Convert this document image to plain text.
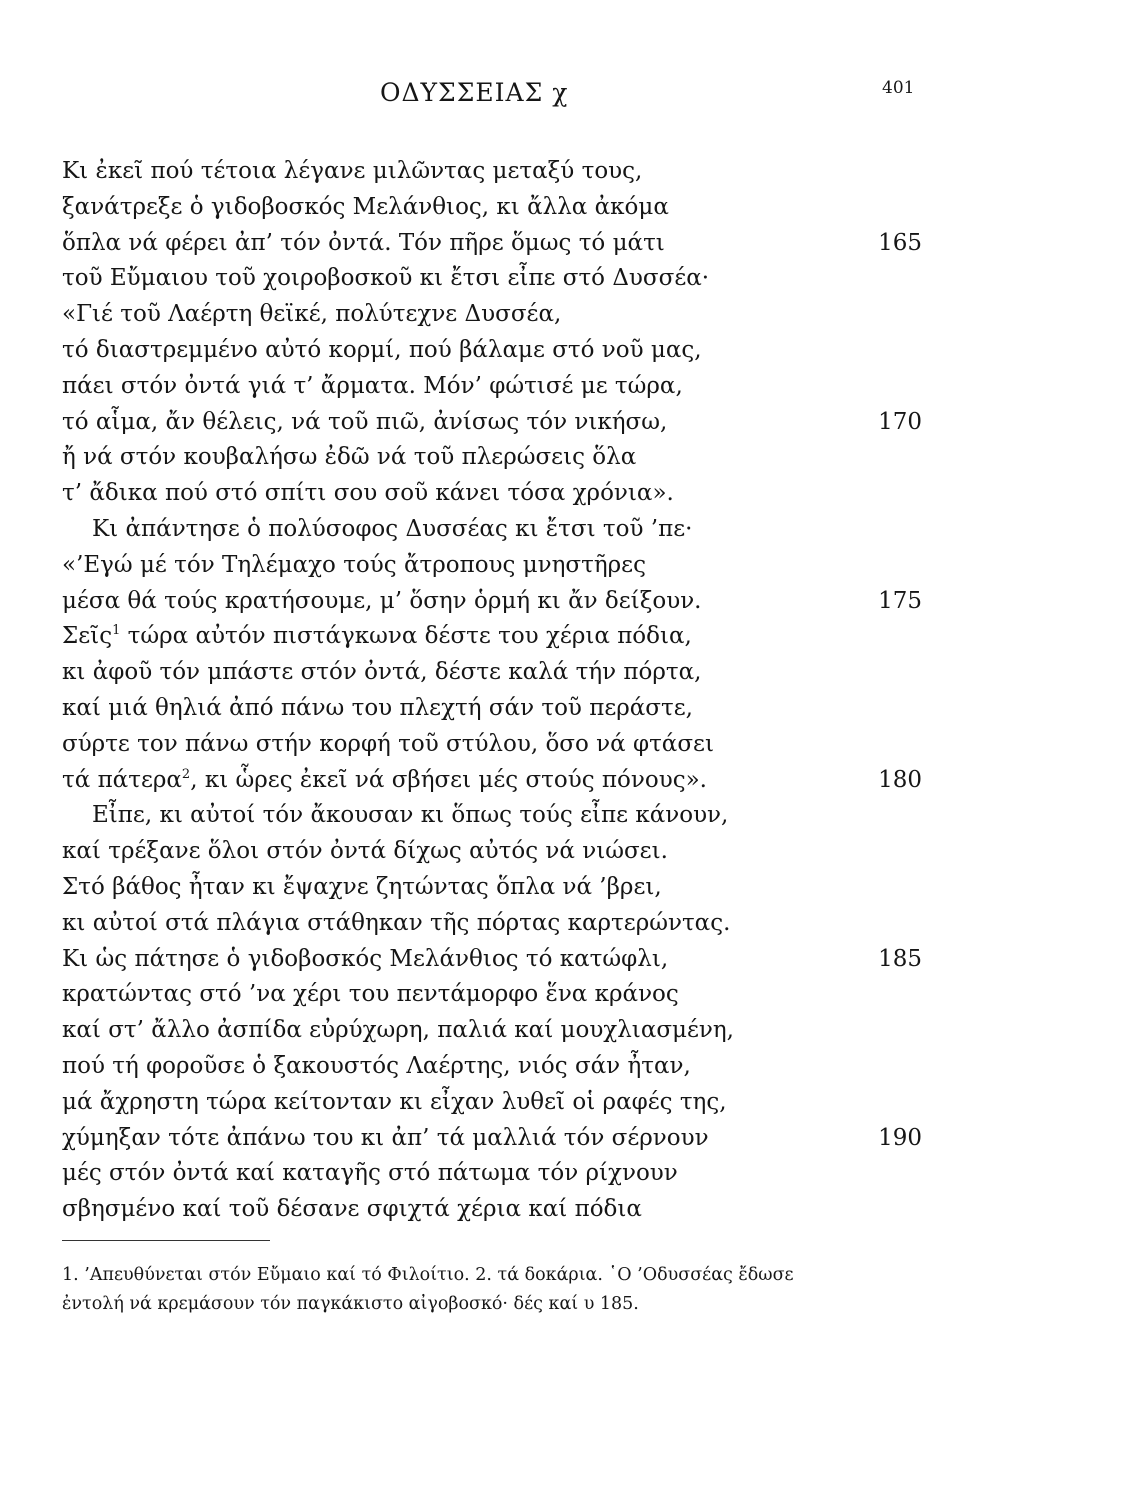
ΟΔΥΣΣΕΙΑΣ χ	401
Κι ἐκεῖ πού τέτοια λέγανε μιλῶντας μεταξύ τους,
ξανάτρεξε ὁ γιδοβοσκός Μελάνθιος, κι ἄλλα ἀκόμα
ὅπλα νά φέρει ἀπ’ τόν ὀντά. Τόν πῆρε ὅμως τό μάτι	165
τοῦ Εὔμαιου τοῦ χοιροβοσκοῦ κι ἔτσι εἶπε στό Δυσσέα·
«Γιέ τοῦ Λαέρτη θεϊκέ, πολύτεχνε Δυσσέα,
τό διαστρεμμένο αὐτό κορμί, πού βάλαμε στό νοῦ μας,
πάει στόν ὀντά γιά τ’ ἄρματα. Μόν’ φώτισέ με τώρα,
τό αἷμα, ἄν θέλεις, νά τοῦ πιῶ, ἀνίσως τόν νικήσω,	170
ἤ νά στόν κουβαλήσω ἐδῶ νά τοῦ πλερώσεις ὅλα
τ’ ἄδικα πού στό σπίτι σου σοῦ κάνει τόσα χρόνια».
Κι ἀπάντησε ὁ πολύσοφος Δυσσέας κι ἔτσι τοῦ ’πε·
«’Εγώ μέ τόν Τηλέμαχο τούς ἄτροπους μνηστῆρες
μέσα θά τούς κρατήσουμε, μ’ ὅσην ὁρμή κι ἄν δείξουν.	175
Σεῖς$^1$ τώρα αὐτόν πιστάγκωνα δέστε του χέρια πόδια,
κι ἀφοῦ τόν μπάστε στόν ὀντά, δέστε καλά τήν πόρτα,
καί μιά θηλιά ἀπό πάνω του πλεχτή σάν τοῦ περάστε,
σύρτε τον πάνω στήν κορφή τοῦ στύλου, ὅσο νά φτάσει
τά πάτερα$^2$, κι ὧρες ἐκεῖ νά σβήσει μές στούς πόνους».	180
Εἶπε, κι αὐτοί τόν ἄκουσαν κι ὅπως τούς εἶπε κάνουν,
καί τρέξανε ὅλοι στόν ὀντά δίχως αὐτός νά νιώσει.
Στό βάθος ἦταν κι ἔψαχνε ζητώντας ὅπλα νά ’βρει,
κι αὐτοί στά πλάγια στάθηκαν τῆς πόρτας καρτερώντας.
Κι ὡς πάτησε ὁ γιδοβοσκός Μελάνθιος τό κατώφλι,	185
κρατώντας στό ’να χέρι του πεντάμορφο ἕνα κράνος
καί στ’ ἄλλο ἀσπίδα εὐρύχωρη, παλιά καί μουχλιασμένη,
πού τή φοροῦσε ὁ ξακουστός Λαέρτης, νιός σάν ἦταν,
μά ἄχρηστη τώρα κείτονταν κι εἶχαν λυθεῖ οἱ ραφές της,
χύμηξαν τότε ἀπάνω του κι ἀπ’ τά μαλλιά τόν σέρνουν	190
μές στόν ὀντά καί καταγῆς στό πάτωμα τόν ρίχνουν
σβησμένο καί τοῦ δέσανε σφιχτά χέρια καί πόδια

1. ’Απευθύνεται στόν Εὔμαιο καί τό Φιλοίτιο. 2. τά δοκάρια. ῾Ο ’Οδυσσέας ἔδωσε

ἐντολή νά κρεμάσουν τόν παγκάκιστο αἰγοβοσκό· δές καί υ 185.
